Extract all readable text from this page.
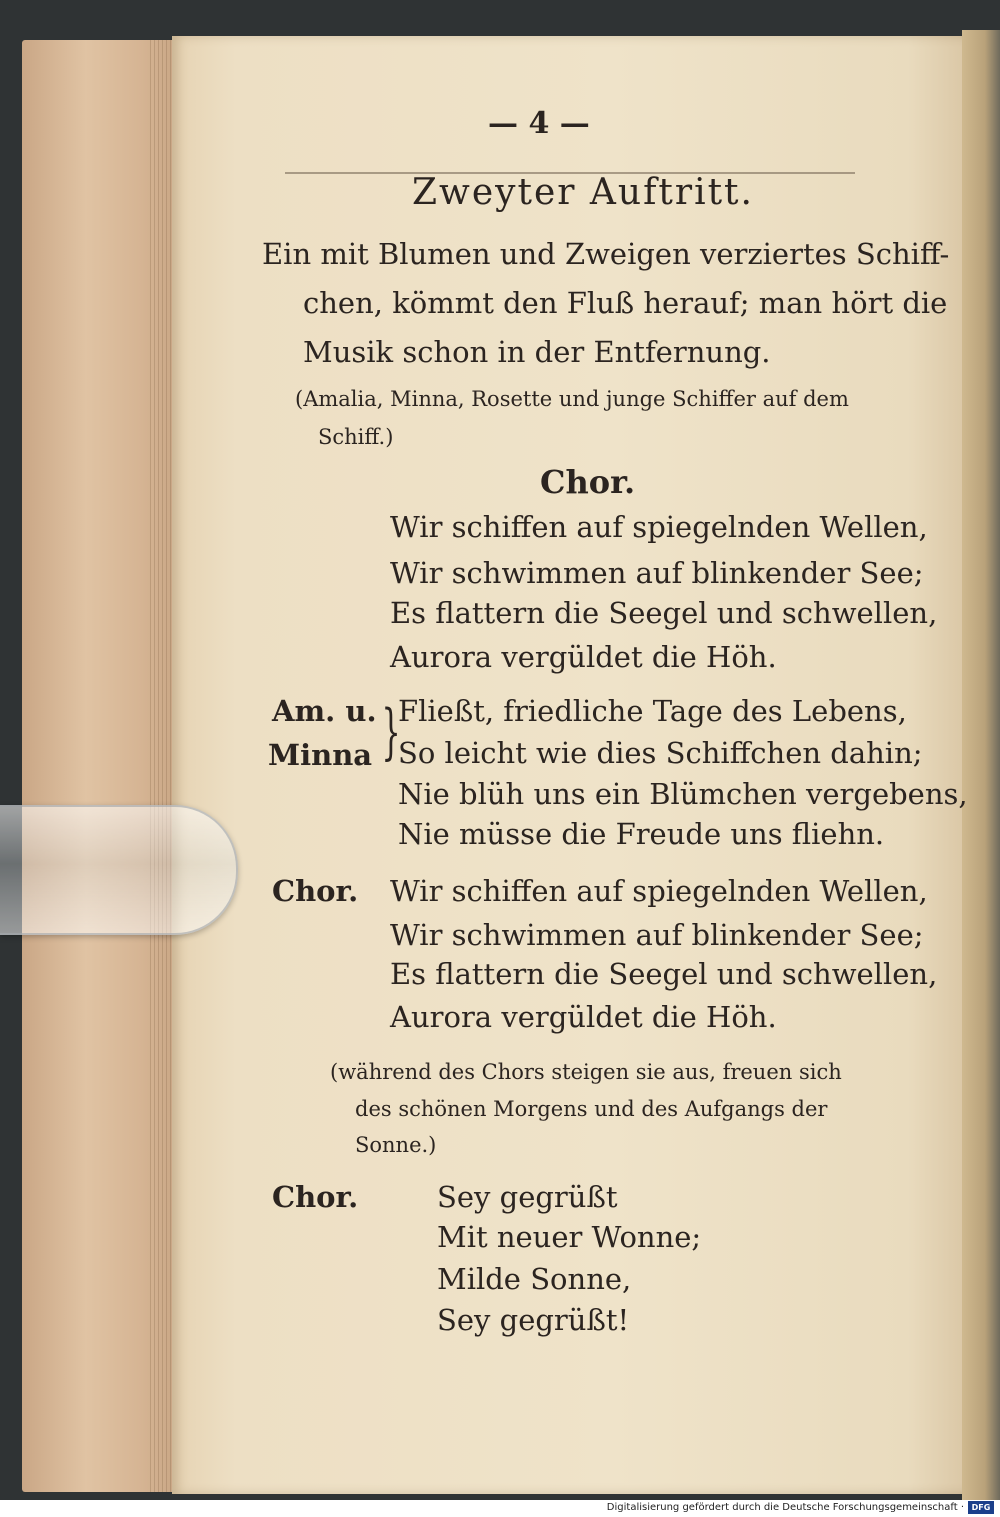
— 4 —
Zweyter Auftritt.
Ein mit Blumen und Zweigen verziertes Schiff-
chen, kömmt den Fluß herauf; man hört die
Musik schon in der Entfernung.
(Amalia, Minna, Rosette und junge Schiffer auf dem
Schiff.)
Chor.
Wir schiffen auf spiegelnden Wellen,
Wir schwimmen auf blinkender See;
Es flattern die Seegel und schwellen,
Aurora vergüldet die Höh.
Am. u.
Minna }
Fließt, friedliche Tage des Lebens,
So leicht wie dies Schiffchen dahin;
Nie blüh uns ein Blümchen vergebens,
Nie müsse die Freude uns fliehn.
Chor. Wir schiffen auf spiegelnden Wellen,
Wir schwimmen auf blinkender See;
Es flattern die Seegel und schwellen,
Aurora vergüldet die Höh.
(während des Chors steigen sie aus, freuen sich
des schönen Morgens und des Aufgangs der
Sonne.)
Chor.	Sey gegrüßt
Mit neuer Wonne;
Milde Sonne,
Sey gegrüßt!
Digitalisierung gefördert durch die Deutsche Forschungsgemeinschaft · DFG
